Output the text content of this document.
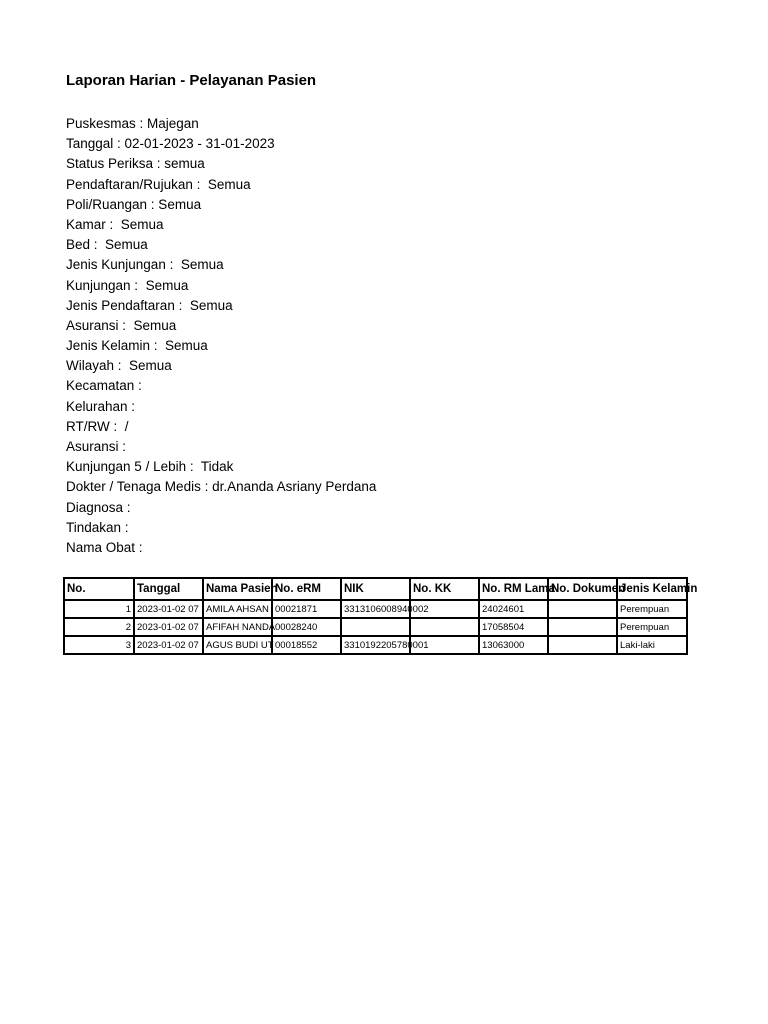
Laporan Harian - Pelayanan Pasien
Puskesmas : Majegan
Tanggal : 02-01-2023 - 31-01-2023
Status Periksa : semua
Pendaftaran/Rujukan :  Semua
Poli/Ruangan : Semua
Kamar :  Semua
Bed :  Semua
Jenis Kunjungan :  Semua
Kunjungan :  Semua
Jenis Pendaftaran :  Semua
Asuransi :  Semua
Jenis Kelamin :  Semua
Wilayah :  Semua
Kecamatan :
Kelurahan :
RT/RW :  /
Asuransi :
Kunjungan 5 / Lebih :  Tidak
Dokter / Tenaga Medis : dr.Ananda Asriany Perdana
Diagnosa :
Tindakan :
Nama Obat :
No.	Tanggal	Nama Pasien	No. eRM	NIK	No. KK	No. RM Lama	No. Dokumen	Jenis Kelamin
1	2023-01-02 07	AMILA AHSAN	00021871	3313106008940002		24024601		Perempuan
2	2023-01-02 07	AFIFAH NANDA	00028240			17058504		Perempuan
3	2023-01-02 07	AGUS BUDI UT	00018552	3310192205780001		13063000		Laki-laki
